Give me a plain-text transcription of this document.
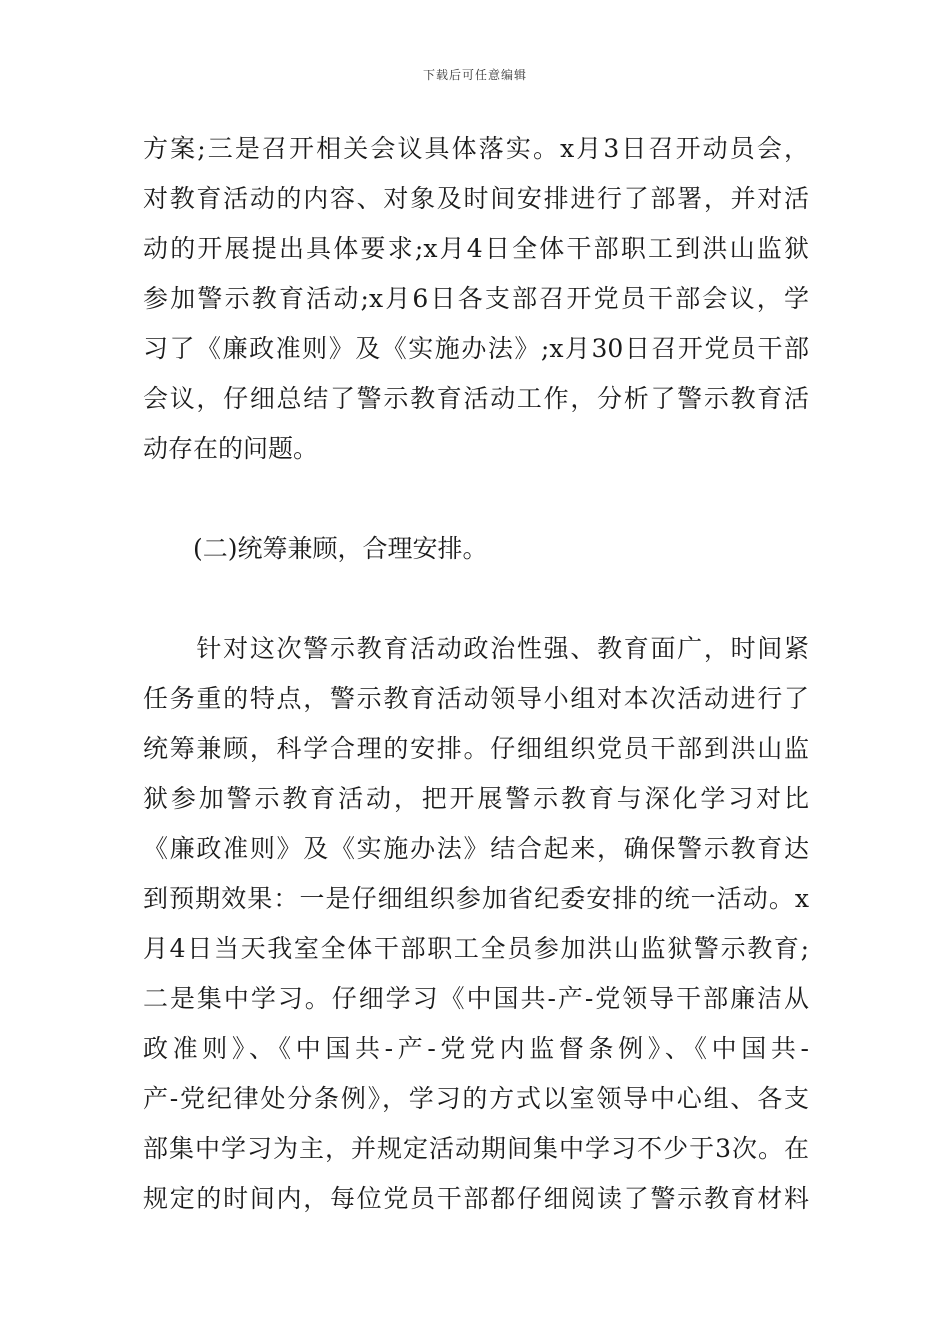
下载后可任意编辑
方案;三是召开相关会议具体落实。x月3日召开动员会，
对教育活动的内容、对象及时间安排进行了部署，并对活
动的开展提出具体要求;x月4日全体干部职工到洪山监狱
参加警示教育活动;x月6日各支部召开党员干部会议，学
习了《廉政准则》及《实施办法》;x月30日召开党员干部
会议，仔细总结了警示教育活动工作，分析了警示教育活
动存在的问题。
　　(二)统筹兼顾，合理安排。
　　针对这次警示教育活动政治性强、教育面广，时间紧
任务重的特点，警示教育活动领导小组对本次活动进行了
统筹兼顾，科学合理的安排。仔细组织党员干部到洪山监
狱参加警示教育活动，把开展警示教育与深化学习对比
《廉政准则》及《实施办法》结合起来，确保警示教育达
到预期效果：一是仔细组织参加省纪委安排的统一活动。x
月4日当天我室全体干部职工全员参加洪山监狱警示教育;
二是集中学习。仔细学习《中国共-产-党领导干部廉洁从
政准则》、《中国共-产-党党内监督条例》、《中国共-
产-党纪律处分条例》，学习的方式以室领导中心组、各支
部集中学习为主，并规定活动期间集中学习不少于3次。在
规定的时间内，每位党员干部都仔细阅读了警示教育材料
